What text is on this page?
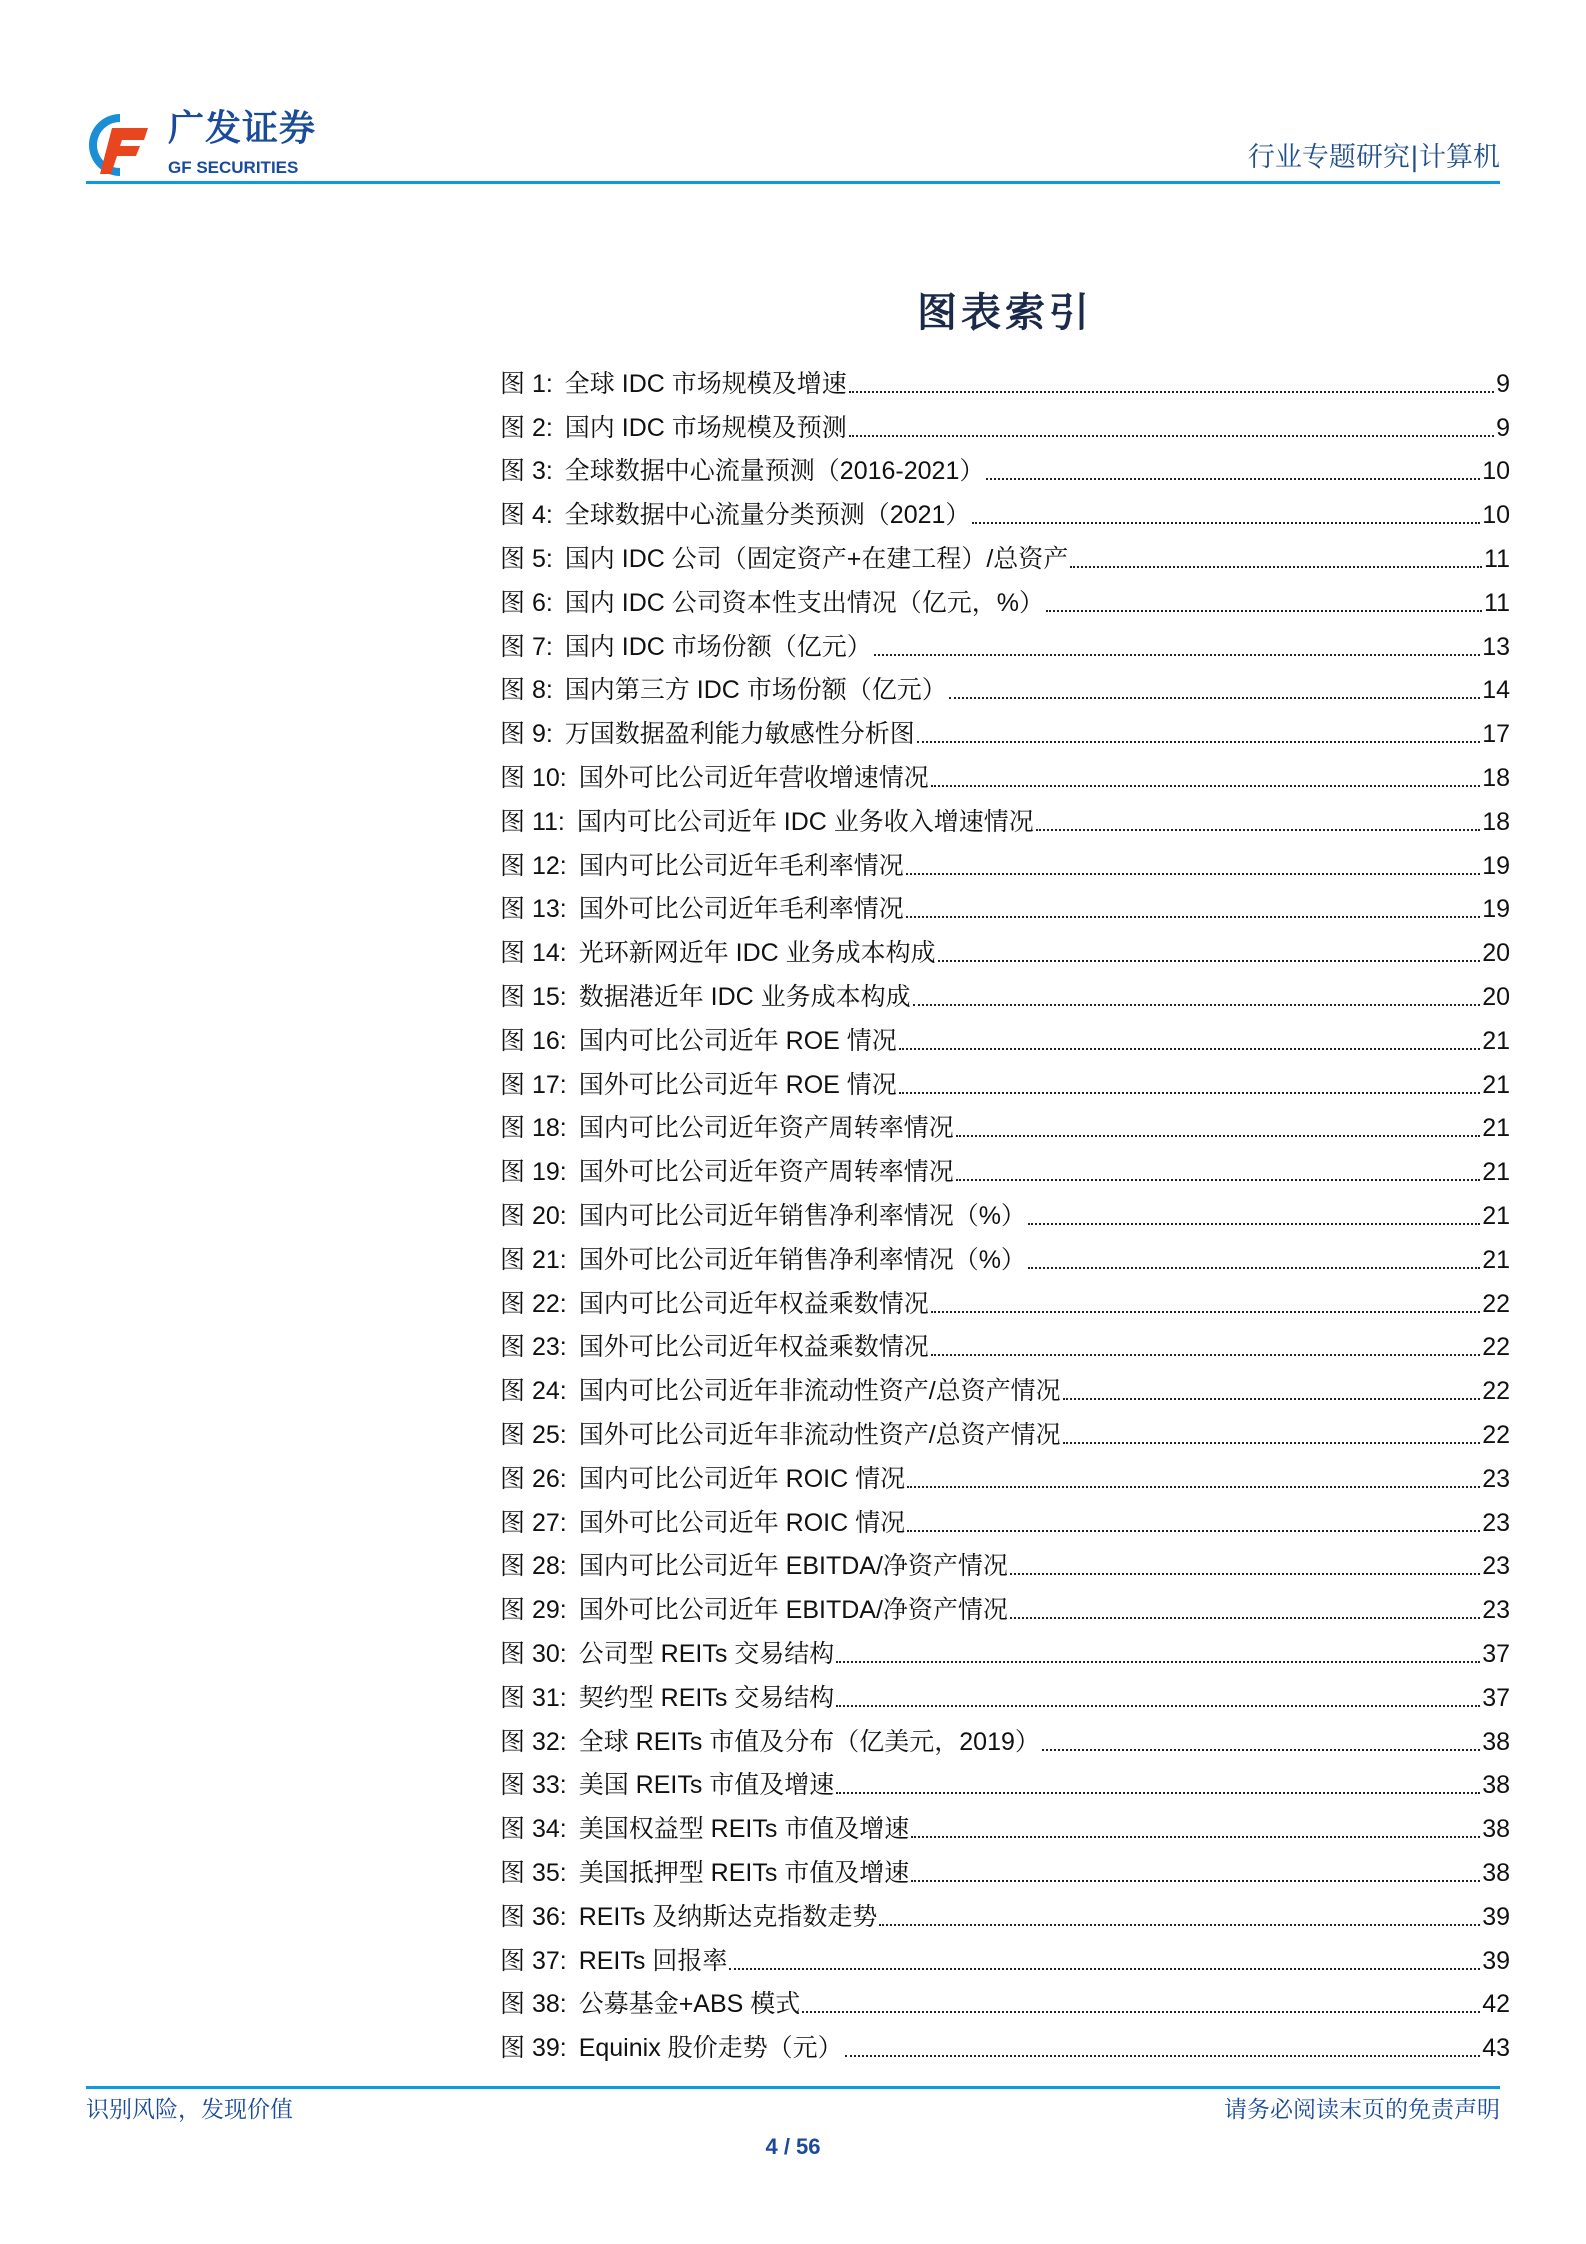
广发证券
GF SECURITIES	行业专题研究|计算机
图表索引
图 1: 全球 IDC 市场规模及增速	9
图 2: 国内 IDC 市场规模及预测	9
图 3: 全球数据中心流量预测（2016-2021）	10
图 4: 全球数据中心流量分类预测（2021）	10
图 5: 国内 IDC 公司（固定资产+在建工程）/总资产	11
图 6: 国内 IDC 公司资本性支出情况（亿元，%）	11
图 7: 国内 IDC 市场份额（亿元）	13
图 8: 国内第三方 IDC 市场份额（亿元）	14
图 9: 万国数据盈利能力敏感性分析图	17
图 10: 国外可比公司近年营收增速情况	18
图 11: 国内可比公司近年 IDC 业务收入增速情况	18
图 12: 国内可比公司近年毛利率情况	19
图 13: 国外可比公司近年毛利率情况	19
图 14: 光环新网近年 IDC 业务成本构成	20
图 15: 数据港近年 IDC 业务成本构成	20
图 16: 国内可比公司近年 ROE 情况	21
图 17: 国外可比公司近年 ROE 情况	21
图 18: 国内可比公司近年资产周转率情况	21
图 19: 国外可比公司近年资产周转率情况	21
图 20: 国内可比公司近年销售净利率情况（%）	21
图 21: 国外可比公司近年销售净利率情况（%）	21
图 22: 国内可比公司近年权益乘数情况	22
图 23: 国外可比公司近年权益乘数情况	22
图 24: 国内可比公司近年非流动性资产/总资产情况	22
图 25: 国外可比公司近年非流动性资产/总资产情况	22
图 26: 国内可比公司近年 ROIC 情况	23
图 27: 国外可比公司近年 ROIC 情况	23
图 28: 国内可比公司近年 EBITDA/净资产情况	23
图 29: 国外可比公司近年 EBITDA/净资产情况	23
图 30: 公司型 REITs 交易结构	37
图 31: 契约型 REITs 交易结构	37
图 32: 全球 REITs 市值及分布（亿美元，2019）	38
图 33: 美国 REITs 市值及增速	38
图 34: 美国权益型 REITs 市值及增速	38
图 35: 美国抵押型 REITs 市值及增速	38
图 36: REITs 及纳斯达克指数走势	39
图 37: REITs 回报率	39
图 38: 公募基金+ABS 模式	42
图 39: Equinix 股价走势（元）	43
识别风险，发现价值	请务必阅读末页的免责声明
4 / 56
